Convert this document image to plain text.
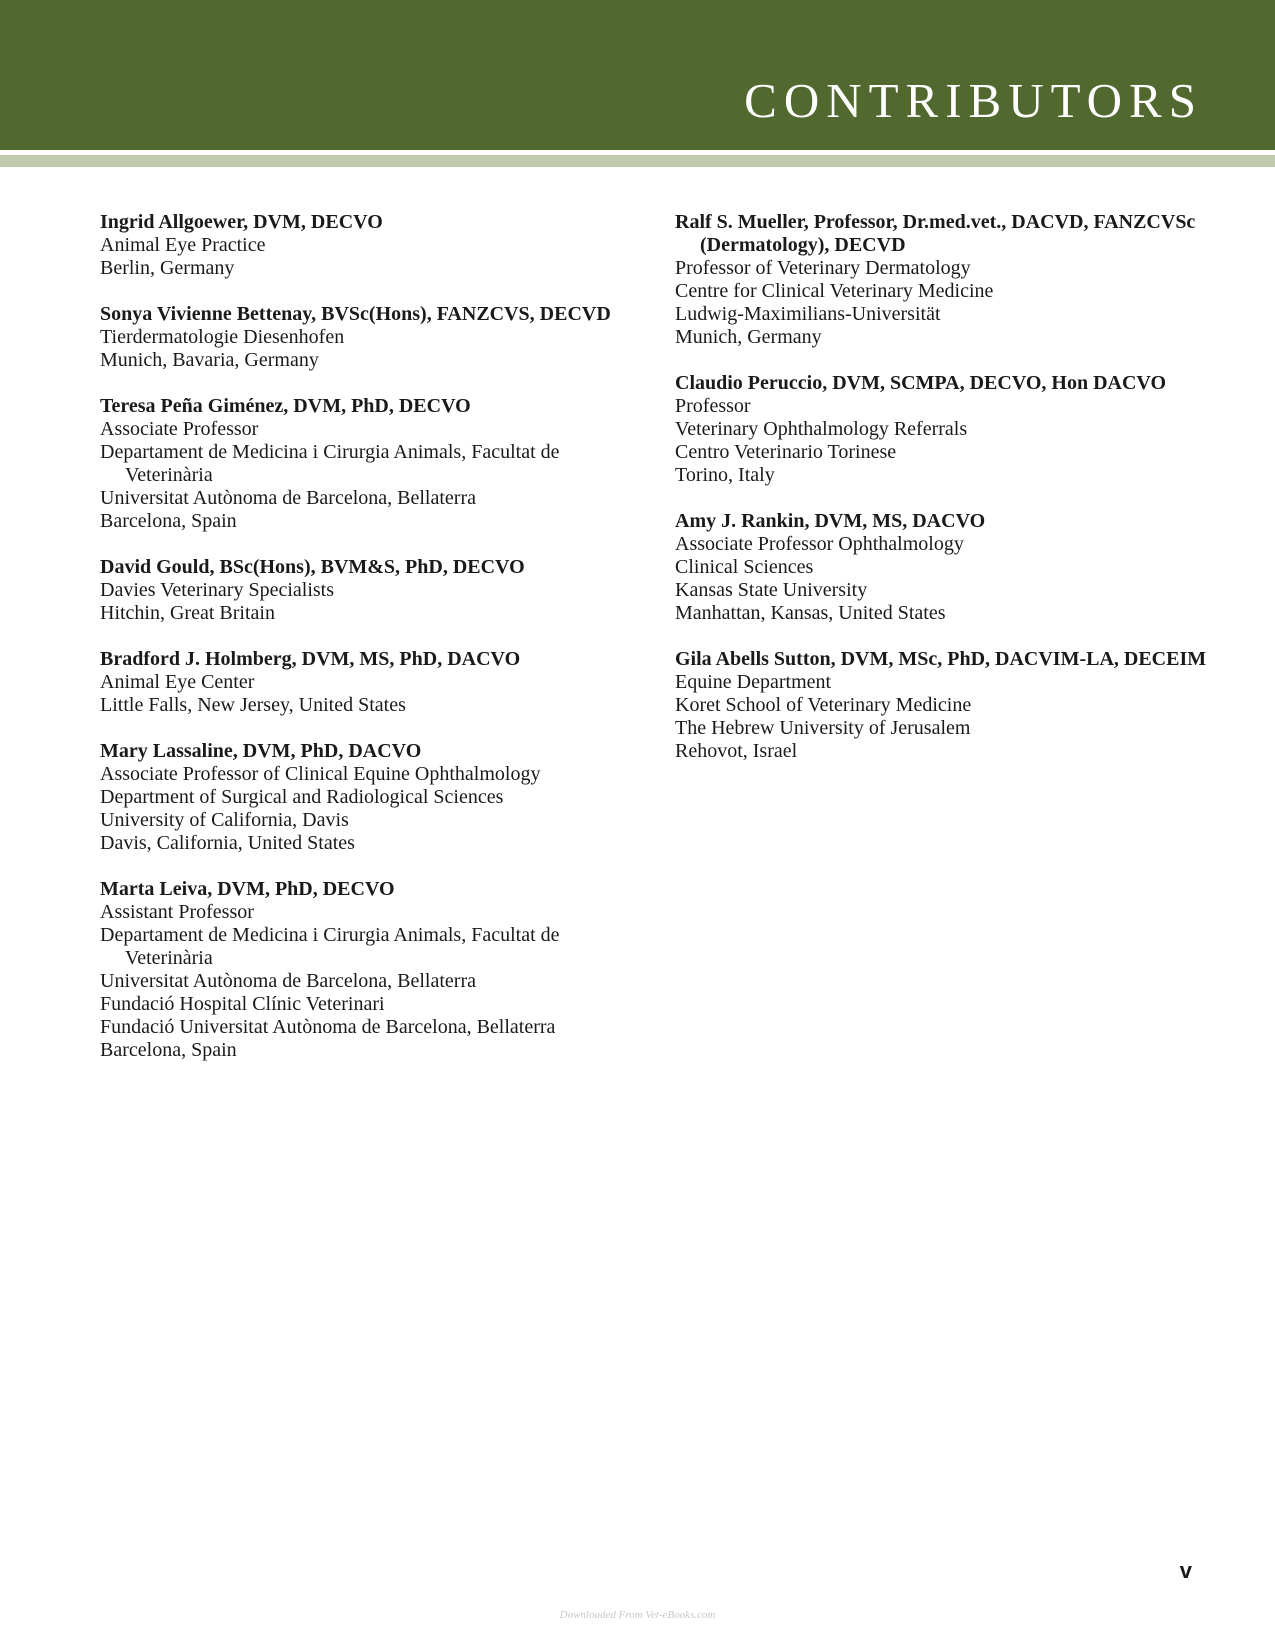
CONTRIBUTORS
Ingrid Allgoewer, DVM, DECVO
Animal Eye Practice
Berlin, Germany
Sonya Vivienne Bettenay, BVSc(Hons), FANZCVS, DECVD
Tierdermatologie Diesenhofen
Munich, Bavaria, Germany
Teresa Peña Giménez, DVM, PhD, DECVO
Associate Professor
Departament de Medicina i Cirurgia Animals, Facultat de Veterinària
Universitat Autònoma de Barcelona, Bellaterra
Barcelona, Spain
David Gould, BSc(Hons), BVM&S, PhD, DECVO
Davies Veterinary Specialists
Hitchin, Great Britain
Bradford J. Holmberg, DVM, MS, PhD, DACVO
Animal Eye Center
Little Falls, New Jersey, United States
Mary Lassaline, DVM, PhD, DACVO
Associate Professor of Clinical Equine Ophthalmology
Department of Surgical and Radiological Sciences
University of California, Davis
Davis, California, United States
Marta Leiva, DVM, PhD, DECVO
Assistant Professor
Departament de Medicina i Cirurgia Animals, Facultat de Veterinària
Universitat Autònoma de Barcelona, Bellaterra
Fundació Hospital Clínic Veterinari
Fundació Universitat Autònoma de Barcelona, Bellaterra
Barcelona, Spain
Ralf S. Mueller, Professor, Dr.med.vet., DACVD, FANZCVSc (Dermatology), DECVD
Professor of Veterinary Dermatology
Centre for Clinical Veterinary Medicine
Ludwig-Maximilians-Universität
Munich, Germany
Claudio Peruccio, DVM, SCMPA, DECVO, Hon DACVO
Professor
Veterinary Ophthalmology Referrals
Centro Veterinario Torinese
Torino, Italy
Amy J. Rankin, DVM, MS, DACVO
Associate Professor Ophthalmology
Clinical Sciences
Kansas State University
Manhattan, Kansas, United States
Gila Abells Sutton, DVM, MSc, PhD, DACVIM-LA, DECEIM
Equine Department
Koret School of Veterinary Medicine
The Hebrew University of Jerusalem
Rehovot, Israel
v
Downloaded From Vet-eBooks.com
